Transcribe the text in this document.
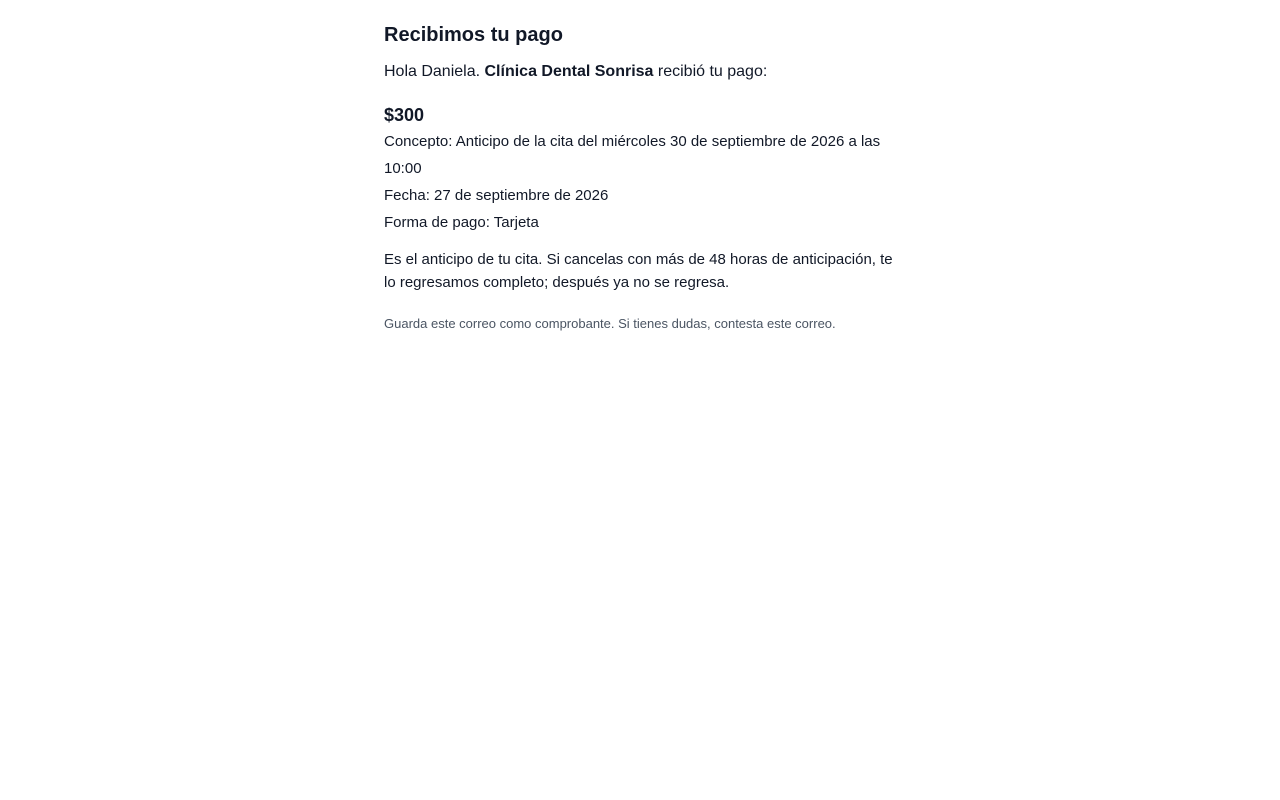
Recibimos tu pago

Hola Daniela. Clínica Dental Sonrisa recibió tu pago:

$300

Concepto: Anticipo de la cita del miércoles 30 de septiembre de 2026 a las 10:00

Fecha: 27 de septiembre de 2026

Forma de pago: Tarjeta

Es el anticipo de tu cita. Si cancelas con más de 48 horas de anticipación, te lo regresamos completo; después ya no se regresa.

Guarda este correo como comprobante. Si tienes dudas, contesta este correo.
